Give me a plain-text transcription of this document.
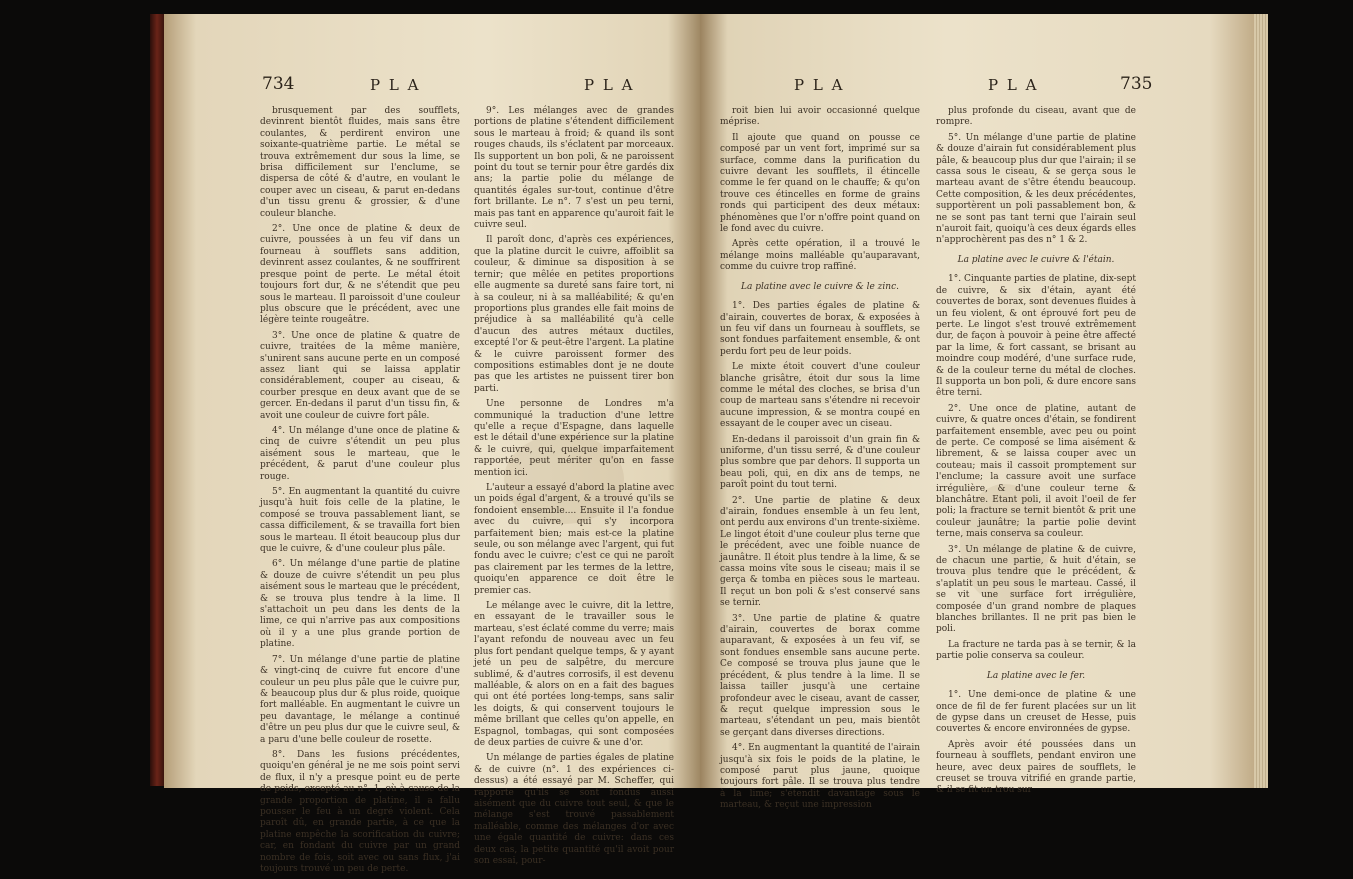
734	P L A	P L A

brusquement par des soufflets, devinrent bientôt fluides, mais sans être coulantes, & perdirent environ une soixante-quatrième partie. Le métal se trouva extrêmement dur sous la lime, se brisa difficilement sur l'enclume, se dispersa de côté & d'autre, en voulant le couper avec un ciseau, & parut en-dedans d'un tissu grenu & grossier, & d'une couleur blanche.

2°. Une once de platine & deux de cuivre, poussées à un feu vif dans un fourneau à soufflets sans addition, devinrent assez coulantes, & ne souffrirent presque point de perte. Le métal étoit toujours fort dur, & ne s'étendit que peu sous le marteau. Il paroissoit d'une couleur plus obscure que le précédent, avec une légère teinte rougeâtre.

3°. Une once de platine & quatre de cuivre, traitées de la même manière, s'unirent sans aucune perte en un composé assez liant qui se laissa applatir considérablement, couper au ciseau, & courber presque en deux avant que de se gercer. En-dedans il parut d'un tissu fin, & avoit une couleur de cuivre fort pâle.

4°. Un mélange d'une once de platine & cinq de cuivre s'étendit un peu plus aisément sous le marteau, que le précédent, & parut d'une couleur plus rouge.

5°. En augmentant la quantité du cuivre jusqu'à huit fois celle de la platine, le composé se trouva passablement liant, se cassa difficilement, & se travailla fort bien sous le marteau. Il étoit beaucoup plus dur que le cuivre, & d'une couleur plus pâle.

6°. Un mélange d'une partie de platine & douze de cuivre s'étendit un peu plus aisément sous le marteau que le précédent, & se trouva plus tendre à la lime. Il s'attachoit un peu dans les dents de la lime, ce qui n'arrive pas aux compositions où il y a une plus grande portion de platine.

7°. Un mélange d'une partie de platine & vingt-cinq de cuivre fut encore d'une couleur un peu plus pâle que le cuivre pur, & beaucoup plus dur & plus roide, quoique fort malléable. En augmentant le cuivre un peu davantage, le mélange a continué d'être un peu plus dur que le cuivre seul, & a paru d'une belle couleur de rosette.

8°. Dans les fusions précédentes, quoiqu'en général je ne me sois point servi de flux, il n'y a presque point eu de perte de poids, excepté au n°. 1, où à cause de la grande proportion de platine, il a fallu pousser le feu à un degré violent. Cela paroît dû, en grande partie, à ce que la platine empêche la scorification du cuivre; car, en fondant du cuivre par un grand nombre de fois, soit avec ou sans flux, j'ai toujours trouvé un peu de perte.

9°. Les mélanges avec de grandes portions de platine s'étendent difficilement sous le marteau à froid; & quand ils sont rouges chauds, ils s'éclatent par morceaux. Ils supportent un bon poli, & ne paroissent point du tout se ternir pour être gardés dix ans; la partie polie du mélange de quantités égales sur-tout, continue d'être fort brillante. Le n°. 7 s'est un peu terni, mais pas tant en apparence qu'auroit fait le cuivre seul.

Il paroît donc, d'après ces expériences, que la platine durcit le cuivre, affoiblit sa couleur, & diminue sa disposition à se ternir; que mêlée en petites proportions elle augmente sa dureté sans faire tort, ni à sa couleur, ni à sa malléabilité; & qu'en proportions plus grandes elle fait moins de préjudice à sa malléabilité qu'à celle d'aucun des autres métaux ductiles, excepté l'or & peut-être l'argent. La platine & le cuivre paroissent former des compositions estimables dont je ne doute pas que les artistes ne puissent tirer bon parti.

Une personne de Londres m'a communiqué la traduction d'une lettre qu'elle a reçue d'Espagne, dans laquelle est le détail d'une expérience sur la platine & le cuivre, qui, quelque imparfaitement rapportée, peut mériter qu'on en fasse mention ici.

L'auteur a essayé d'abord la platine avec un poids égal d'argent, & a trouvé qu'ils se fondoient ensemble.... Ensuite il l'a fondue avec du cuivre, qui s'y incorpora parfaitement bien; mais est-ce la platine seule, ou son mélange avec l'argent, qui fut fondu avec le cuivre; c'est ce qui ne paroît pas clairement par les termes de la lettre, quoiqu'en apparence ce doit être le premier cas.

Le mélange avec le cuivre, dit la lettre, en essayant de le travailler sous le marteau, s'est éclaté comme du verre; mais l'ayant refondu de nouveau avec un feu plus fort pendant quelque temps, & y ayant jeté un peu de salpêtre, du mercure sublimé, & d'autres corrosifs, il est devenu malléable, & alors on en a fait des bagues qui ont été portées long-temps, sans salir les doigts, & qui conservent toujours le même brillant que celles qu'on appelle, en Espagnol, tombagas, qui sont composées de deux parties de cuivre & une d'or.

Un mélange de parties égales de platine & de cuivre (n°. 1 des expériences ci-dessus) a été essayé par M. Scheffer, qui rapporte qu'ils se sont fondus aussi aisément que du cuivre tout seul, & que le mélange s'est trouvé passablement malléable, comme des mélanges d'or avec une égale quantité de cuivre: dans ces deux cas, la petite quantité qu'il avoit pour son essai, pour-

P L A	P L A	735

roit bien lui avoir occasionné quelque méprise.

Il ajoute que quand on pousse ce composé par un vent fort, imprimé sur sa surface, comme dans la purification du cuivre devant les soufflets, il étincelle comme le fer quand on le chauffe; & qu'on trouve ces étincelles en forme de grains ronds qui participent des deux métaux: phénomènes que l'or n'offre point quand on le fond avec du cuivre.

Après cette opération, il a trouvé le mélange moins malléable qu'auparavant, comme du cuivre trop raffiné.

La platine avec le cuivre & le zinc.

1°. Des parties égales de platine & d'airain, couvertes de borax, & exposées à un feu vif dans un fourneau à soufflets, se sont fondues parfaitement ensemble, & ont perdu fort peu de leur poids.

Le mixte étoit couvert d'une couleur blanche grisâtre, étoit dur sous la lime comme le métal des cloches, se brisa d'un coup de marteau sans s'étendre ni recevoir aucune impression, & se montra coupé en essayant de le couper avec un ciseau.

En-dedans il paroissoit d'un grain fin & uniforme, d'un tissu serré, & d'une couleur plus sombre que par dehors. Il supporta un beau poli, qui, en dix ans de temps, ne paroît point du tout terni.

2°. Une partie de platine & deux d'airain, fondues ensemble à un feu lent, ont perdu aux environs d'un trente-sixième. Le lingot étoit d'une couleur plus terne que le précédent, avec une foible nuance de jaunâtre. Il étoit plus tendre à la lime, & se cassa moins vîte sous le ciseau; mais il se gerça & tomba en pièces sous le marteau. Il reçut un bon poli & s'est conservé sans se ternir.

3°. Une partie de platine & quatre d'airain, couvertes de borax comme auparavant, & exposées à un feu vif, se sont fondues ensemble sans aucune perte. Ce composé se trouva plus jaune que le précédent, & plus tendre à la lime. Il se laissa tailler jusqu'à une certaine profondeur avec le ciseau, avant de casser, & reçut quelque impression sous le marteau, s'étendant un peu, mais bientôt se gerçant dans diverses directions.

4°. En augmentant la quantité de l'airain jusqu'à six fois le poids de la platine, le composé parut plus jaune, quoique toujours fort pâle. Il se trouva plus tendre à la lime; s'étendit davantage sous le marteau, & reçut une impression

plus profonde du ciseau, avant que de rompre.

5°. Un mélange d'une partie de platine & douze d'airain fut considérablement plus pâle, & beaucoup plus dur que l'airain; il se cassa sous le ciseau, & se gerça sous le marteau avant de s'être étendu beaucoup. Cette composition, & les deux précédentes, supportèrent un poli passablement bon, & ne se sont pas tant terni que l'airain seul n'auroit fait, quoiqu'à ces deux égards elles n'approchèrent pas des n° 1 & 2.

La platine avec le cuivre & l'étain.

1°. Cinquante parties de platine, dix-sept de cuivre, & six d'étain, ayant été couvertes de borax, sont devenues fluides à un feu violent, & ont éprouvé fort peu de perte. Le lingot s'est trouvé extrêmement dur, de façon à pouvoir à peine être affecté par la lime, & fort cassant, se brisant au moindre coup modéré, d'une surface rude, & de la couleur terne du métal de cloches. Il supporta un bon poli, & dure encore sans être terni.

2°. Une once de platine, autant de cuivre, & quatre onces d'étain, se fondirent parfaitement ensemble, avec peu ou point de perte. Ce composé se lima aisément & librement, & se laissa couper avec un couteau; mais il cassoit promptement sur l'enclume; la cassure avoit une surface irrégulière, & d'une couleur terne & blanchâtre. Etant poli, il avoit l'oeil de fer poli; la fracture se ternit bientôt & prit une couleur jaunâtre; la partie polie devint terne, mais conserva sa couleur.

3°. Un mélange de platine & de cuivre, de chacun une partie, & huit d'étain, se trouva plus tendre que le précédent, & s'aplatit un peu sous le marteau. Cassé, il se vit une surface fort irrégulière, composée d'un grand nombre de plaques blanches brillantes. Il ne prit pas bien le poli.

La fracture ne tarda pas à se ternir, & la partie polie conserva sa couleur.

La platine avec le fer.

1°. Une demi-once de platine & une once de fil de fer furent placées sur un lit de gypse dans un creuset de Hesse, puis couvertes & encore environnées de gypse.

Après avoir été poussées dans un fourneau à soufflets, pendant environ une heure, avec deux paires de soufflets, le creuset se trouva vitrifié en grande partie, & il se fit un trou sur
